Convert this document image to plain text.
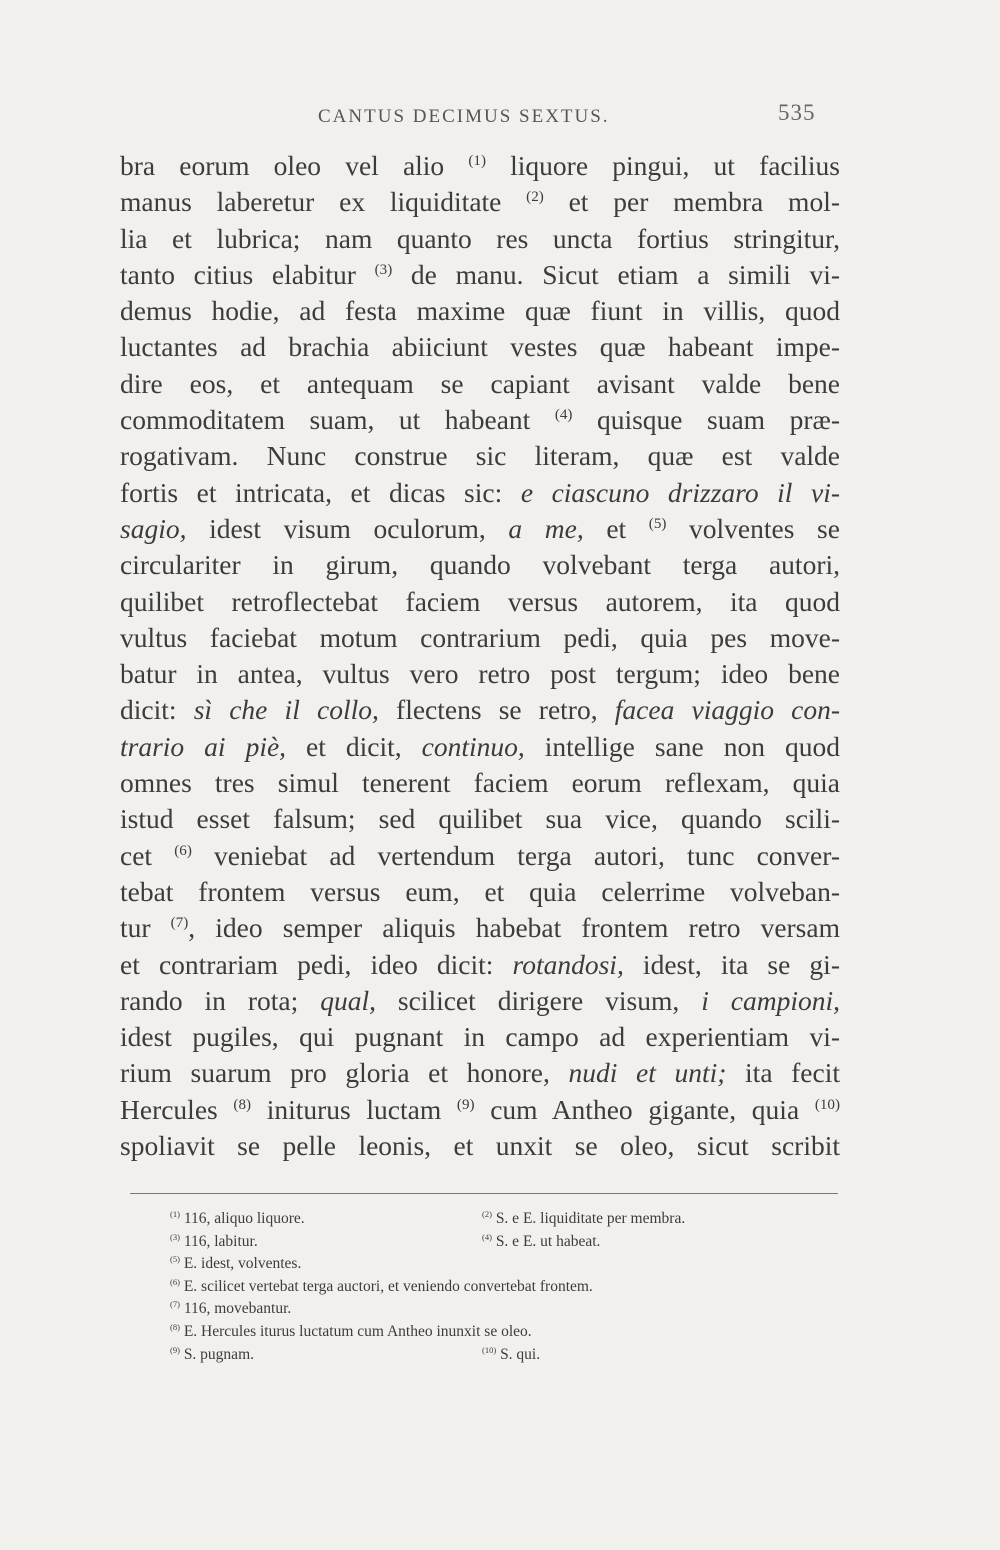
CANTUS DECIMUS SEXTUS.	535
bra eorum oleo vel alio $^{(1)}$ liquore pingui, ut facilius
manus laberetur ex liquiditate $^{(2)}$ et per membra mol-
lia et lubrica; nam quanto res uncta fortius stringitur,
tanto citius elabitur $^{(3)}$ de manu. Sicut etiam a simili vi-
demus hodie, ad festa maxime quæ fiunt in villis, quod
luctantes ad brachia abiiciunt vestes quæ habeant impe-
dire eos, et antequam se capiant avisant valde bene
commoditatem suam, ut habeant $^{(4)}$ quisque suam præ-
rogativam. Nunc construe sic literam, quæ est valde
fortis et intricata, et dicas sic: e ciascuno drizzaro il vi-
sagio, idest visum oculorum, a me, et $^{(5)}$ volventes se
circulariter in girum, quando volvebant terga autori,
quilibet retroflectebat faciem versus autorem, ita quod
vultus faciebat motum contrarium pedi, quia pes move-
batur in antea, vultus vero retro post tergum; ideo bene
dicit: sì che il collo, flectens se retro, facea viaggio con-
trario ai piè, et dicit, continuo, intellige sane non quod
omnes tres simul tenerent faciem eorum reflexam, quia
istud esset falsum; sed quilibet sua vice, quando scili-
cet $^{(6)}$ veniebat ad vertendum terga autori, tunc conver-
tebat frontem versus eum, et quia celerrime volveban-
tur $^{(7)}$, ideo semper aliquis habebat frontem retro versam
et contrariam pedi, ideo dicit: rotandosi, idest, ita se gi-
rando in rota; qual, scilicet dirigere visum, i campioni,
idest pugiles, qui pugnant in campo ad experientiam vi-
rium suarum pro gloria et honore, nudi et unti; ita fecit
Hercules $^{(8)}$ initurus luctam $^{(9)}$ cum Antheo gigante, quia $^{(10)}$
spoliavit se pelle leonis, et unxit se oleo, sicut scribit
$^{(1)}$ 116, aliquo liquore.	$^{(2)}$ S. e E. liquiditate per membra.
$^{(3)}$ 116, labitur.	$^{(4)}$ S. e E. ut habeat.
$^{(5)}$ E. idest, volventes.
$^{(6)}$ E. scilicet vertebat terga auctori, et veniendo convertebat frontem.
$^{(7)}$ 116, movebantur.
$^{(8)}$ E. Hercules iturus luctatum cum Antheo inunxit se oleo.
$^{(9)}$ S. pugnam.	$^{(10)}$ S. qui.
